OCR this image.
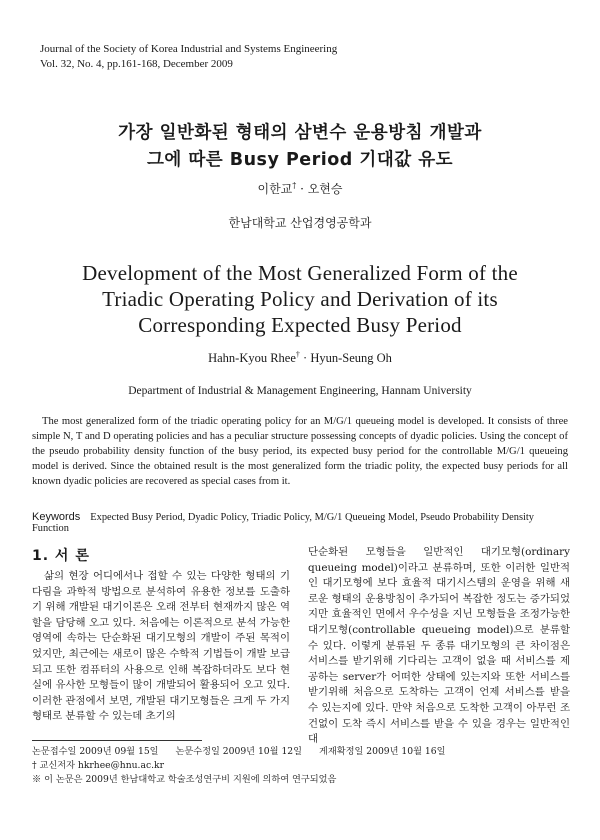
Journal of the Society of Korea Industrial and Systems Engineering
Vol. 32, No. 4, pp.161-168, December 2009
가장 일반화된 형태의 삼변수 운용방침 개발과
그에 따른 Busy Period 기대값 유도
이한교† · 오현승
한남대학교 산업경영공학과
Development of the Most Generalized Form of the
Triadic Operating Policy and Derivation of its
Corresponding Expected Busy Period
Hahn-Kyou Rhee† · Hyun-Seung Oh
Department of Industrial & Management Engineering, Hannam University
The most generalized form of the triadic operating policy for an M/G/1 queueing model is developed. It consists of three simple N, T and D operating policies and has a peculiar structure possessing concepts of dyadic policies. Using the concept of the pseudo probability density function of the busy period, its expected busy period for the controllable M/G/1 queueing model is derived. Since the obtained result is the most generalized form the triadic polity, the expected busy periods for all known dyadic policies are recovered as special cases from it.
Keywords Expected Busy Period, Dyadic Policy, Triadic Policy, M/G/1 Queueing Model, Pseudo Probability Density Function
1. 서 론

삶의 현장 어디에서나 접할 수 있는 다양한 형태의 기다림을 과학적 방법으로 분석하여 유용한 정보를 도출하기 위해 개발된 대기이론은 오래 전부터 현재까지 많은 역할을 담당해 오고 있다. 처음에는 이론적으로 분석 가능한 영역에 속하는 단순화된 대기모형의 개발이 주된 목적이었지만, 최근에는 새로이 많은 수학적 기법들이 개발 보급되고 또한 컴퓨터의 사용으로 인해 복잡하더라도 보다 현실에 유사한 모형들이 많이 개발되어 활용되어 오고 있다. 이러한 관점에서 보면, 개발된 대기모형들은 크게 두 가지 형태로 분류할 수 있는데 초기의

단순화된 모형들을 일반적인 대기모형(ordinary queueing model)이라고 분류하며, 또한 이러한 일반적인 대기모형에 보다 효율적 대기시스템의 운영을 위해 새로운 형태의 운용방침이 추가되어 복잡한 정도는 증가되었지만 효율적인 면에서 우수성을 지닌 모형들을 조정가능한 대기모형(controllable queueing model)으로 분류할 수 있다. 이렇게 분류된 두 종류 대기모형의 큰 차이점은 서비스를 받기위해 기다리는 고객이 없을 때 서비스를 제공하는 server가 어떠한 상태에 있는지와 또한 서비스를 받기위해 처음으로 도착하는 고객이 언제 서비스를 받을 수 있는지에 있다. 만약 처음으로 도착한 고객이 아무런 조건없이 도착 즉시 서비스를 받을 수 있을 경우는 일반적인 대

논문접수일 2009년 09월 15일 논문수정일 2009년 10월 12일 게재확정일 2009년 10월 16일
† 교신저자 hkrhee@hnu.ac.kr
※ 이 논문은 2009년 한남대학교 학술조성연구비 지원에 의하여 연구되었음
